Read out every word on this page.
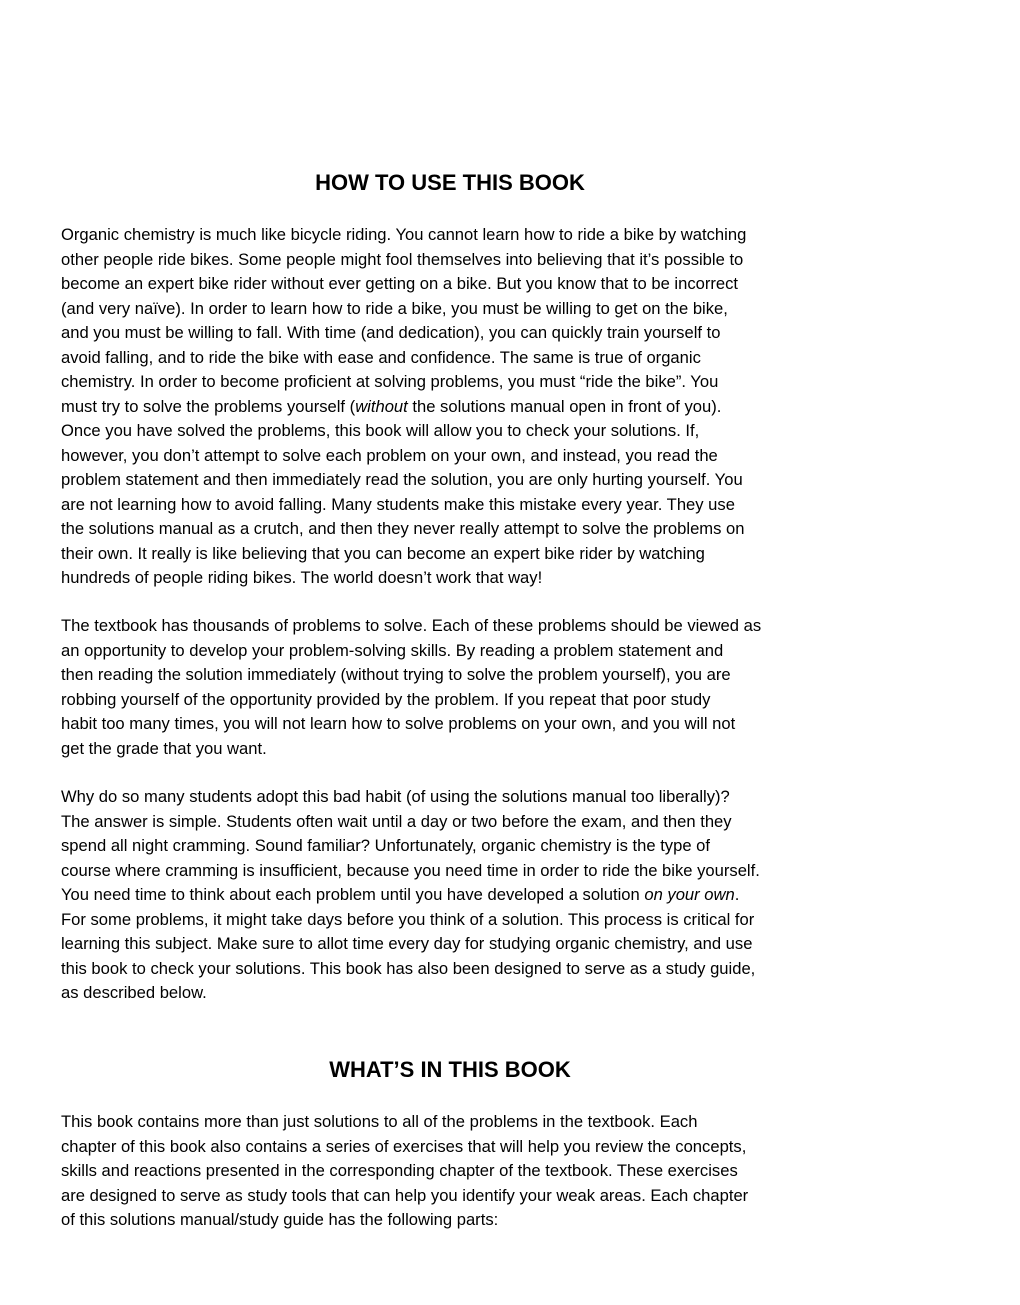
HOW TO USE THIS BOOK
Organic chemistry is much like bicycle riding. You cannot learn how to ride a bike by watching
other people ride bikes. Some people might fool themselves into believing that it’s possible to
become an expert bike rider without ever getting on a bike. But you know that to be incorrect
(and very naïve). In order to learn how to ride a bike, you must be willing to get on the bike,
and you must be willing to fall. With time (and dedication), you can quickly train yourself to
avoid falling, and to ride the bike with ease and confidence. The same is true of organic
chemistry. In order to become proficient at solving problems, you must “ride the bike”. You
must try to solve the problems yourself (without the solutions manual open in front of you).
Once you have solved the problems, this book will allow you to check your solutions. If,
however, you don’t attempt to solve each problem on your own, and instead, you read the
problem statement and then immediately read the solution, you are only hurting yourself. You
are not learning how to avoid falling. Many students make this mistake every year. They use
the solutions manual as a crutch, and then they never really attempt to solve the problems on
their own. It really is like believing that you can become an expert bike rider by watching
hundreds of people riding bikes. The world doesn’t work that way!
The textbook has thousands of problems to solve. Each of these problems should be viewed as
an opportunity to develop your problem-solving skills. By reading a problem statement and
then reading the solution immediately (without trying to solve the problem yourself), you are
robbing yourself of the opportunity provided by the problem. If you repeat that poor study
habit too many times, you will not learn how to solve problems on your own, and you will not
get the grade that you want.
Why do so many students adopt this bad habit (of using the solutions manual too liberally)?
The answer is simple. Students often wait until a day or two before the exam, and then they
spend all night cramming. Sound familiar? Unfortunately, organic chemistry is the type of
course where cramming is insufficient, because you need time in order to ride the bike yourself.
You need time to think about each problem until you have developed a solution on your own.
For some problems, it might take days before you think of a solution. This process is critical for
learning this subject. Make sure to allot time every day for studying organic chemistry, and use
this book to check your solutions. This book has also been designed to serve as a study guide,
as described below.
WHAT’S IN THIS BOOK
This book contains more than just solutions to all of the problems in the textbook. Each
chapter of this book also contains a series of exercises that will help you review the concepts,
skills and reactions presented in the corresponding chapter of the textbook. These exercises
are designed to serve as study tools that can help you identify your weak areas. Each chapter
of this solutions manual/study guide has the following parts:
